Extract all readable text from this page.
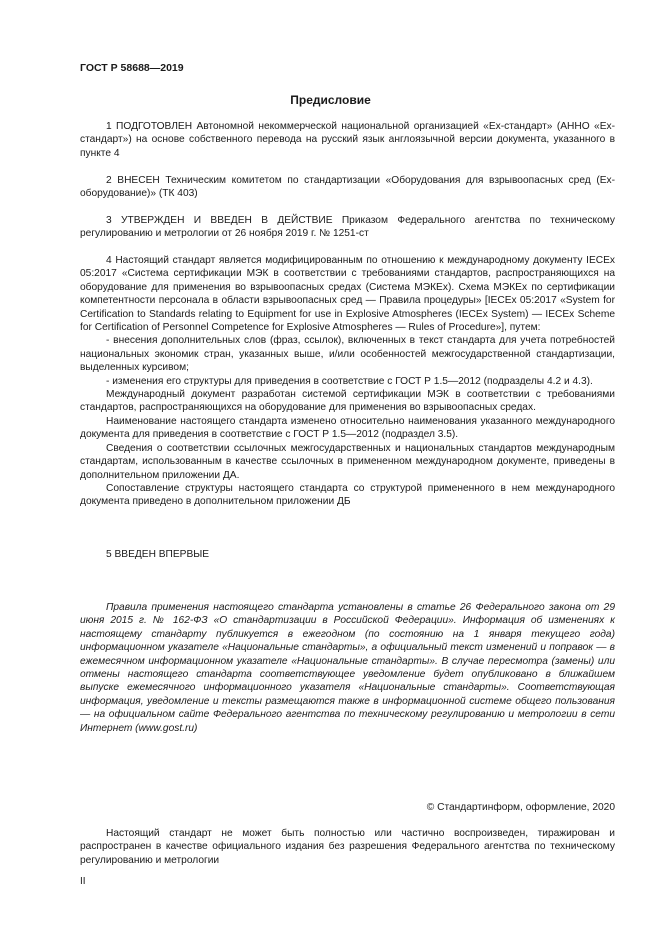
ГОСТ Р 58688—2019
Предисловие
1 ПОДГОТОВЛЕН Автономной некоммерческой национальной организацией «Ех-стандарт» (АННО «Ех-стандарт») на основе собственного перевода на русский язык англоязычной версии документа, указанного в пункте 4
2 ВНЕСЕН Техническим комитетом по стандартизации «Оборудования для взрывоопасных сред (Ех-оборудование)» (ТК 403)
3 УТВЕРЖДЕН И ВВЕДЕН В ДЕЙСТВИЕ Приказом Федерального агентства по техническому регулированию и метрологии от 26 ноября 2019 г. № 1251-ст
4 Настоящий стандарт является модифицированным по отношению к международному документу IECEx 05:2017 «Система сертификации МЭК в соответствии с требованиями стандартов, распространяющихся на оборудование для применения во взрывоопасных средах (Система МЭКЕх). Схема МЭКЕх по сертификации компетентности персонала в области взрывоопасных сред — Правила процедуры» [IECEx 05:2017 «System for Certification to Standards relating to Equipment for use in Explosive Atmospheres (IECEx System) — IECEx Scheme for Certification of Personnel Competence for Explosive Atmospheres — Rules of Procedure»], путем:
- внесения дополнительных слов (фраз, ссылок), включенных в текст стандарта для учета потребностей национальных экономик стран, указанных выше, и/или особенностей межгосударственной стандартизации, выделенных курсивом;
- изменения его структуры для приведения в соответствие с ГОСТ Р 1.5—2012 (подразделы 4.2 и 4.3).
Международный документ разработан системой сертификации МЭК в соответствии с требованиями стандартов, распространяющихся на оборудование для применения во взрывоопасных средах.
Наименование настоящего стандарта изменено относительно наименования указанного международного документа для приведения в соответствие с ГОСТ Р 1.5—2012 (подраздел 3.5).
Сведения о соответствии ссылочных межгосударственных и национальных стандартов международным стандартам, использованным в качестве ссылочных в примененном международном документе, приведены в дополнительном приложении ДА.
Сопоставление структуры настоящего стандарта со структурой примененного в нем международного документа приведено в дополнительном приложении ДБ
5 ВВЕДЕН ВПЕРВЫЕ
Правила применения настоящего стандарта установлены в статье 26 Федерального закона от 29 июня 2015 г. № 162-ФЗ «О стандартизации в Российской Федерации». Информация об изменениях к настоящему стандарту публикуется в ежегодном (по состоянию на 1 января текущего года) информационном указателе «Национальные стандарты», а официальный текст изменений и поправок — в ежемесячном информационном указателе «Национальные стандарты». В случае пересмотра (замены) или отмены настоящего стандарта соответствующее уведомление будет опубликовано в ближайшем выпуске ежемесячного информационного указателя «Национальные стандарты». Соответствующая информация, уведомление и тексты размещаются также в информационной системе общего пользования — на официальном сайте Федерального агентства по техническому регулированию и метрологии в сети Интернет (www.gost.ru)
© Стандартинформ, оформление, 2020
Настоящий стандарт не может быть полностью или частично воспроизведен, тиражирован и распространен в качестве официального издания без разрешения Федерального агентства по техническому регулированию и метрологии
II
